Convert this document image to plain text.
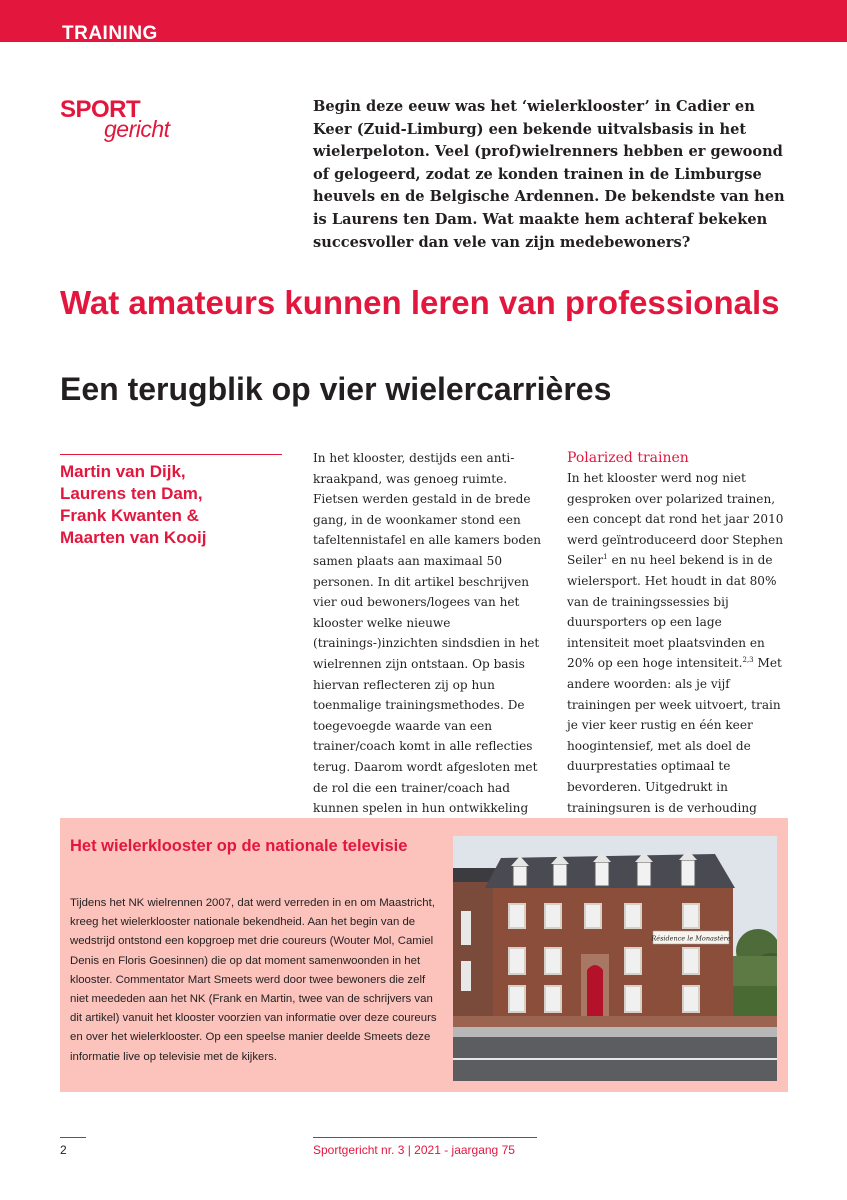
TRAINING
SPORT
gericht

Begin deze eeuw was het ‘wielerklooster’ in Cadier en Keer (Zuid-Limburg) een bekende uitvalsbasis in het wielerpeloton. Veel (prof)wielrenners hebben er gewoond of gelogeerd, zodat ze konden trainen in de Limburgse heuvels en de Belgische Ardennen. De bekendste van hen is Laurens ten Dam. Wat maakte hem achteraf bekeken succesvoller dan vele van zijn medebewoners?

Wat amateurs kunnen leren van professionals
Een terugblik op vier wielercarrières

Martin van Dijk,
Laurens ten Dam,
Frank Kwanten &
Maarten van Kooij

In het klooster, destijds een anti-kraakpand, was genoeg ruimte. Fietsen werden gestald in de brede gang, in de woonkamer stond een tafeltennistafel en alle kamers boden samen plaats aan maximaal 50 personen. In dit artikel beschrijven vier oud bewoners/logees van het klooster welke nieuwe (trainings-)inzichten sindsdien in het wielrennen zijn ontstaan. Op basis hiervan reflecteren zij op hun toenmalige trainingsmethodes. De toegevoegde waarde van een trainer/coach komt in alle reflecties terug. Daarom wordt afgesloten met de rol die een trainer/coach had kunnen spelen in hun ontwikkeling

Polarized trainen
In het klooster werd nog niet gesproken over polarized trainen, een concept dat rond het jaar 2010 werd geïntroduceerd door Stephen Seiler$^1$ en nu heel bekend is in de wielersport. Het houdt in dat 80% van de trainingssessies bij duursporters op een lage intensiteit moet plaatsvinden en 20% op een hoge intensiteit.$^{2,3}$ Met andere woorden: als je vijf trainingen per week uitvoert, train je vier keer rustig en één keer hoogintensief, met als doel de duurprestaties optimaal te bevorderen. Uitgedrukt in trainingsuren is de verhouding
Het wielerklooster op de nationale televisie

Tijdens het NK wielrennen 2007, dat werd verreden in en om Maastricht, kreeg het wielerklooster nationale bekendheid. Aan het begin van de wedstrijd ontstond een kopgroep met drie coureurs (Wouter Mol, Camiel Denis en Floris Goesinnen) die op dat moment samenwoonden in het klooster. Commentator Mart Smeets werd door twee bewoners die zelf niet meededen aan het NK (Frank en Martin, twee van de schrijvers van dit artikel) vanuit het klooster voorzien van informatie over deze coureurs en over het wielerklooster. Op een speelse manier deelde Smeets deze informatie live op televisie met de kijkers.

Résidence le Monastère
2	Sportgericht nr. 3 | 2021 - jaargang 75
